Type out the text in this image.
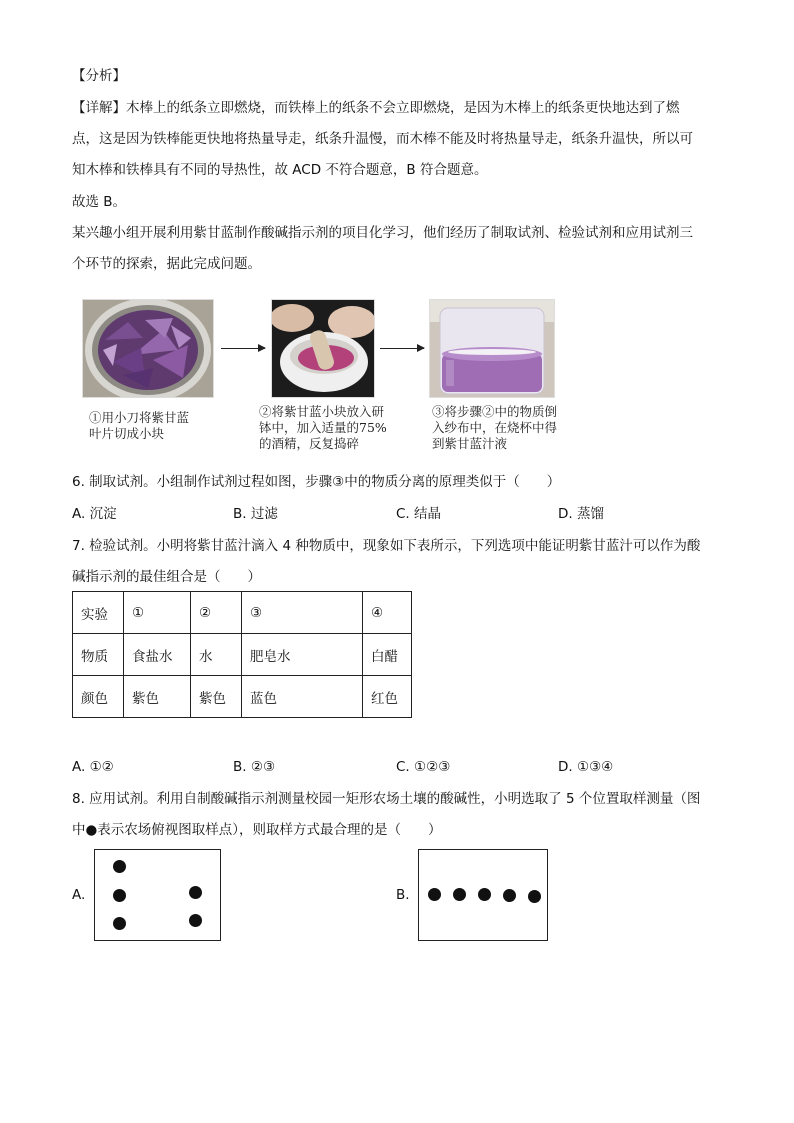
【分析】
【详解】木棒上的纸条立即燃烧，而铁棒上的纸条不会立即燃烧，是因为木棒上的纸条更快地达到了燃
点，这是因为铁棒能更快地将热量导走，纸条升温慢，而木棒不能及时将热量导走，纸条升温快，所以可
知木棒和铁棒具有不同的导热性，故 ACD 不符合题意，B 符合题意。
故选 B。
某兴趣小组开展利用紫甘蓝制作酸碱指示剂的项目化学习，他们经历了制取试剂、检验试剂和应用试剂三
个环节的探索，据此完成问题。
①用小刀将紫甘蓝
叶片切成小块
②将紫甘蓝小块放入研
钵中，加入适量的75%
的酒精，反复捣碎
③将步骤②中的物质倒
入纱布中，在烧杯中得
到紫甘蓝汁液
6. 制取试剂。小组制作试剂过程如图，步骤③中的物质分离的原理类似于（　　）
A. 沉淀	B. 过滤	C. 结晶	D. 蒸馏
7. 检验试剂。小明将紫甘蓝汁滴入 4 种物质中，现象如下表所示，下列选项中能证明紫甘蓝汁可以作为酸
碱指示剂的最佳组合是（　　）
实验	①	②	③	④
物质	食盐水	水	肥皂水	白醋
颜色	紫色	紫色	蓝色	红色
A. ①②	B. ②③	C. ①②③	D. ①③④
8. 应用试剂。利用自制酸碱指示剂测量校园一矩形农场土壤的酸碱性，小明选取了 5 个位置取样测量（图
中●表示农场俯视图取样点），则取样方式最合理的是（　　）
A.	B.
